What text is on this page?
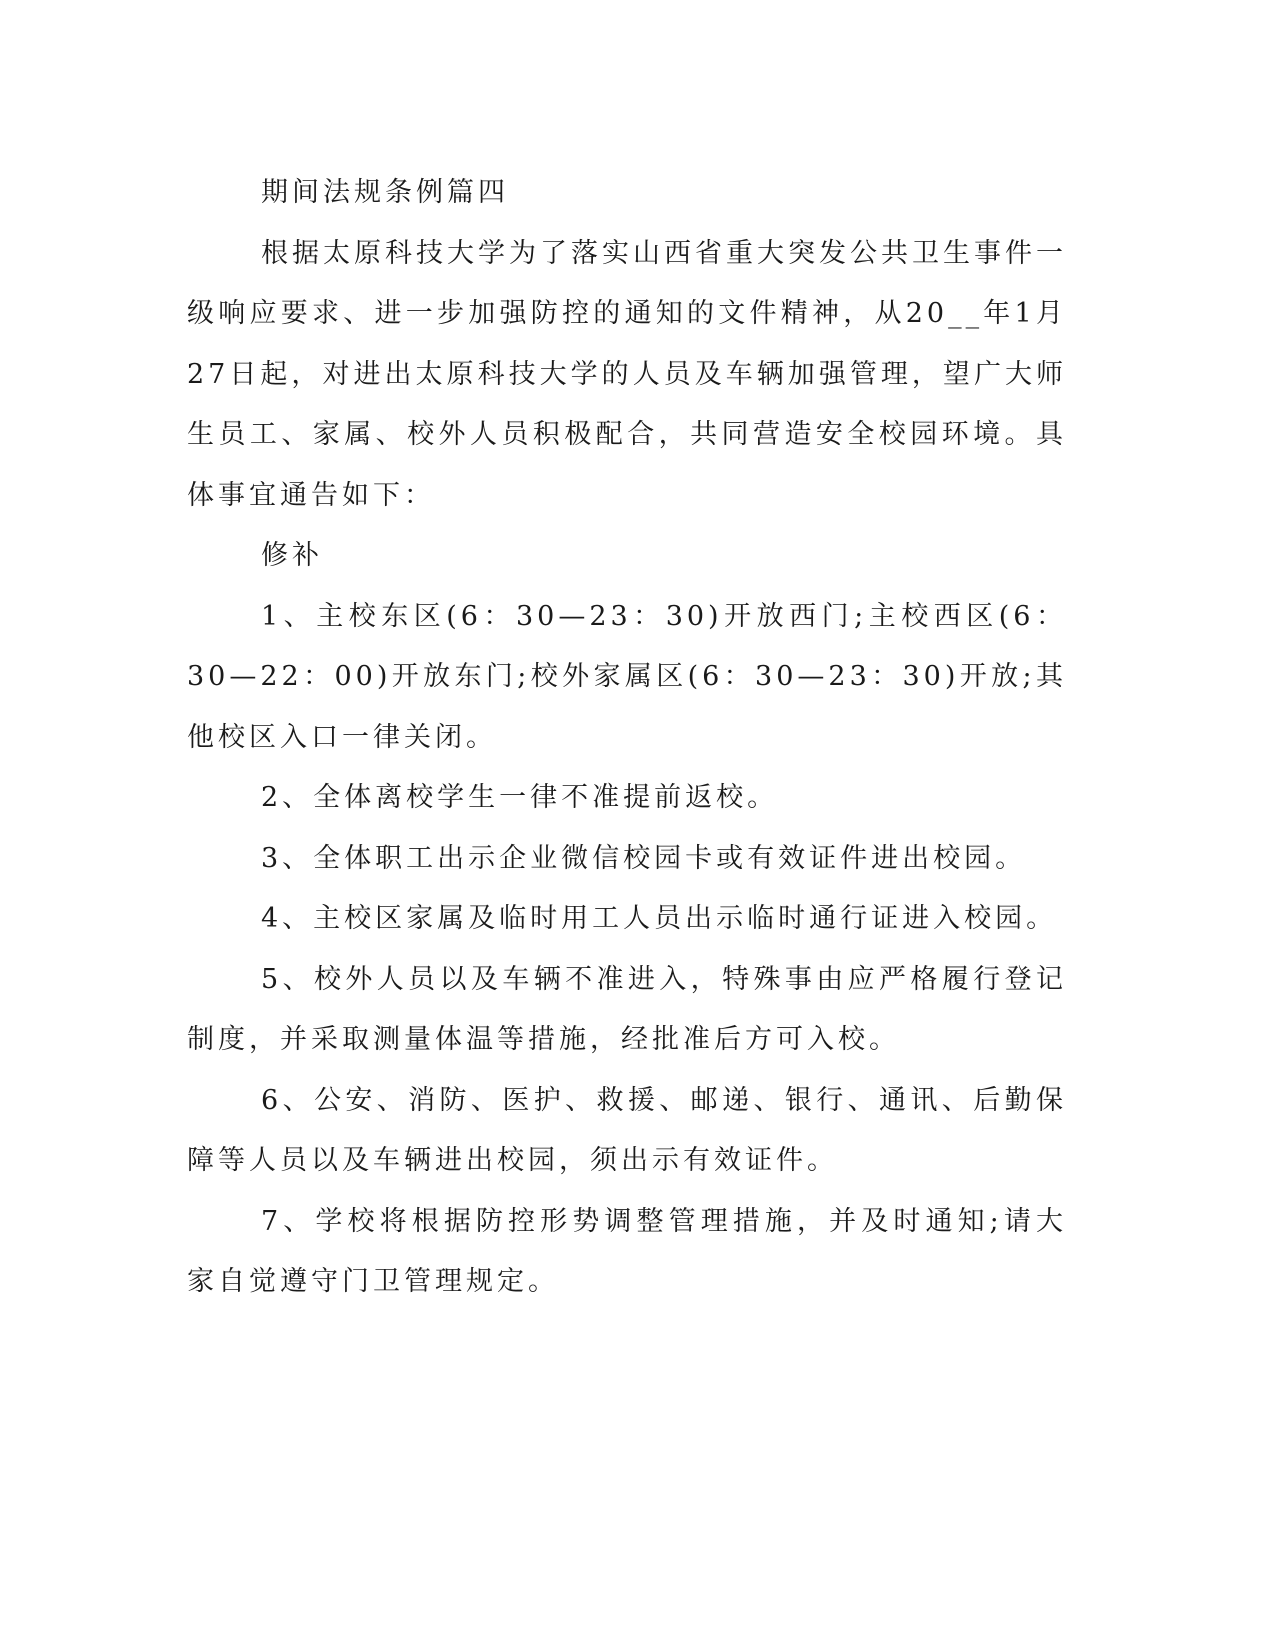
期间法规条例篇四

根据太原科技大学为了落实山西省重大突发公共卫生事件一级响应要求、进一步加强防控的通知的文件精神，从20__年1月27日起，对进出太原科技大学的人员及车辆加强管理，望广大师生员工、家属、校外人员积极配合，共同营造安全校园环境。具体事宜通告如下：

修补

1、主校东区(6：30—23：30)开放西门;主校西区(6：30—22：00)开放东门;校外家属区(6：30—23：30)开放;其他校区入口一律关闭。

2、全体离校学生一律不准提前返校。

3、全体职工出示企业微信校园卡或有效证件进出校园。

4、主校区家属及临时用工人员出示临时通行证进入校园。

5、校外人员以及车辆不准进入，特殊事由应严格履行登记制度，并采取测量体温等措施，经批准后方可入校。

6、公安、消防、医护、救援、邮递、银行、通讯、后勤保障等人员以及车辆进出校园，须出示有效证件。

7、学校将根据防控形势调整管理措施，并及时通知;请大家自觉遵守门卫管理规定。
